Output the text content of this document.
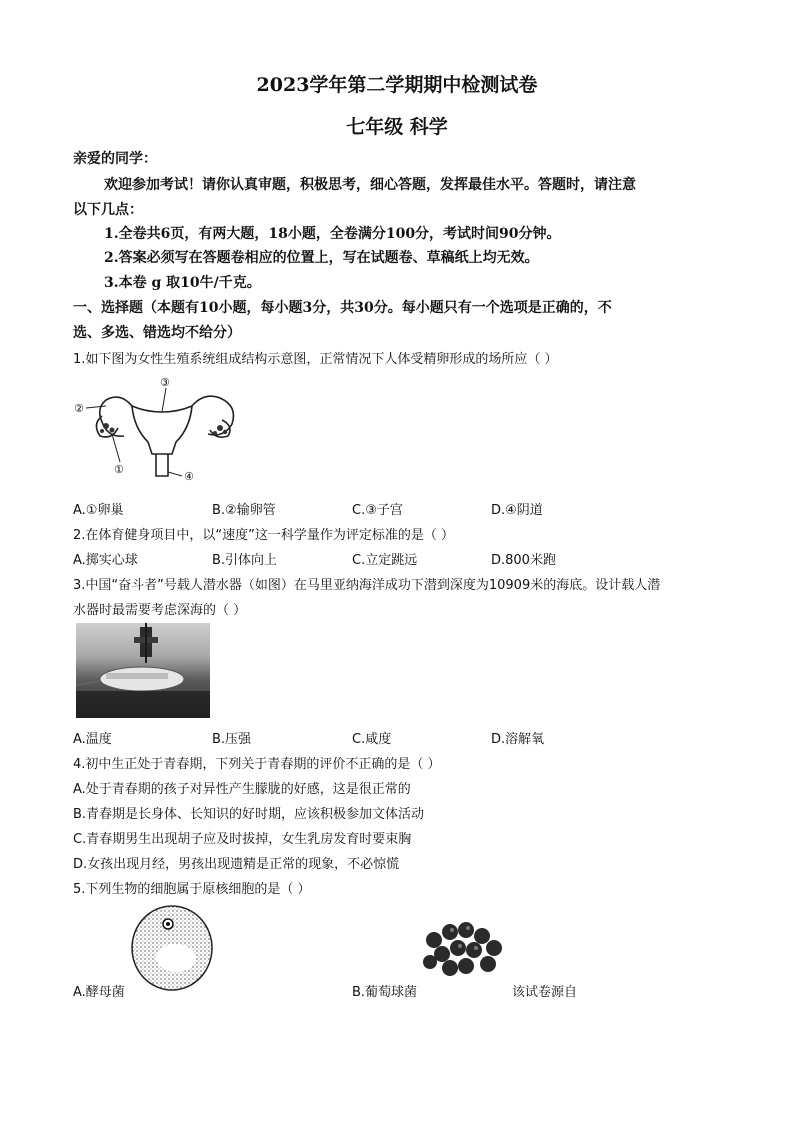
2023学年第二学期期中检测试卷
七年级 科学
亲爱的同学：
欢迎参加考试！请你认真审题，积极思考，细心答题，发挥最佳水平。答题时，请注意
以下几点：
1.全卷共6页，有两大题，18小题，全卷满分100分，考试时间90分钟。
2.答案必须写在答题卷相应的位置上，写在试题卷、草稿纸上均无效。
3.本卷 g 取10牛/千克。
一、选择题（本题有10小题，每小题3分，共30分。每小题只有一个选项是正确的，不
选、多选、错选均不给分）
1.如下图为女性生殖系统组成结构示意图，正常情况下人体受精卵形成的场所应（ ）
②
③
①
④
A.①卵巢	B.②输卵管	C.③子宫	D.④阴道
2.在体育健身项目中，以“速度”这一科学量作为评定标准的是（ ）
A.掷实心球	B.引体向上	C.立定跳远	D.800米跑
3.中国“奋斗者”号载人潜水器（如图）在马里亚纳海洋成功下潜到深度为10909米的海底。设计载人潜
水器时最需要考虑深海的（ ）
A.温度	B.压强	C.咸度	D.溶解氧
4.初中生正处于青春期，下列关于青春期的评价不正确的是（ ）
A.处于青春期的孩子对异性产生朦胧的好感，这是很正常的
B.青春期是长身体、长知识的好时期，应该积极参加文体活动
C.青春期男生出现胡子应及时拔掉，女生乳房发育时要束胸
D.女孩出现月经，男孩出现遗精是正常的现象，不必惊慌
5.下列生物的细胞属于原核细胞的是（ ）
A.酵母菌	B.葡萄球菌	该试卷源自
